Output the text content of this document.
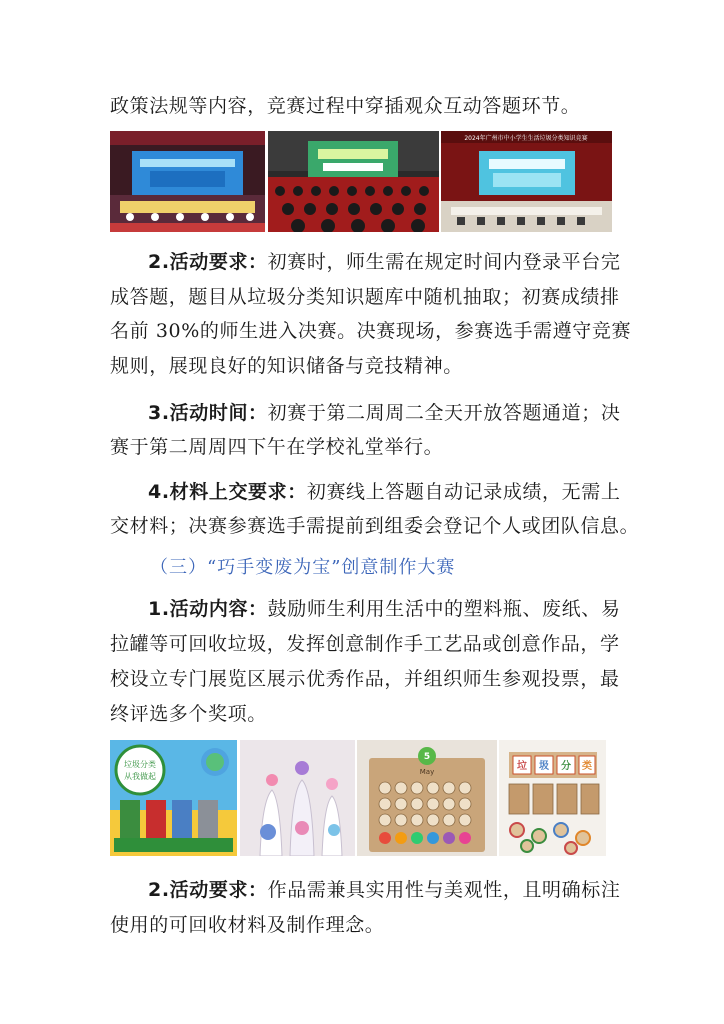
政策法规等内容，竞赛过程中穿插观众互动答题环节。
2024年广州市中小学生生活垃圾分类知识竞赛
2.活动要求：初赛时，师生需在规定时间内登录平台完
成答题，题目从垃圾分类知识题库中随机抽取；初赛成绩排
名前 30%的师生进入决赛。决赛现场，参赛选手需遵守竞赛
规则，展现良好的知识储备与竞技精神。
3.活动时间：初赛于第二周周二全天开放答题通道；决
赛于第二周周四下午在学校礼堂举行。
4.材料上交要求：初赛线上答题自动记录成绩，无需上
交材料；决赛参赛选手需提前到组委会登记个人或团队信息。
（三）“巧手变废为宝”创意制作大赛
1.活动内容：鼓励师生利用生活中的塑料瓶、废纸、易
拉罐等可回收垃圾，发挥创意制作手工艺品或创意作品，学
校设立专门展览区展示优秀作品，并组织师生参观投票，最
终评选多个奖项。
垃圾分类
从我做起
5
May	垃 圾 分 类
2.活动要求：作品需兼具实用性与美观性，且明确标注
使用的可回收材料及制作理念。
